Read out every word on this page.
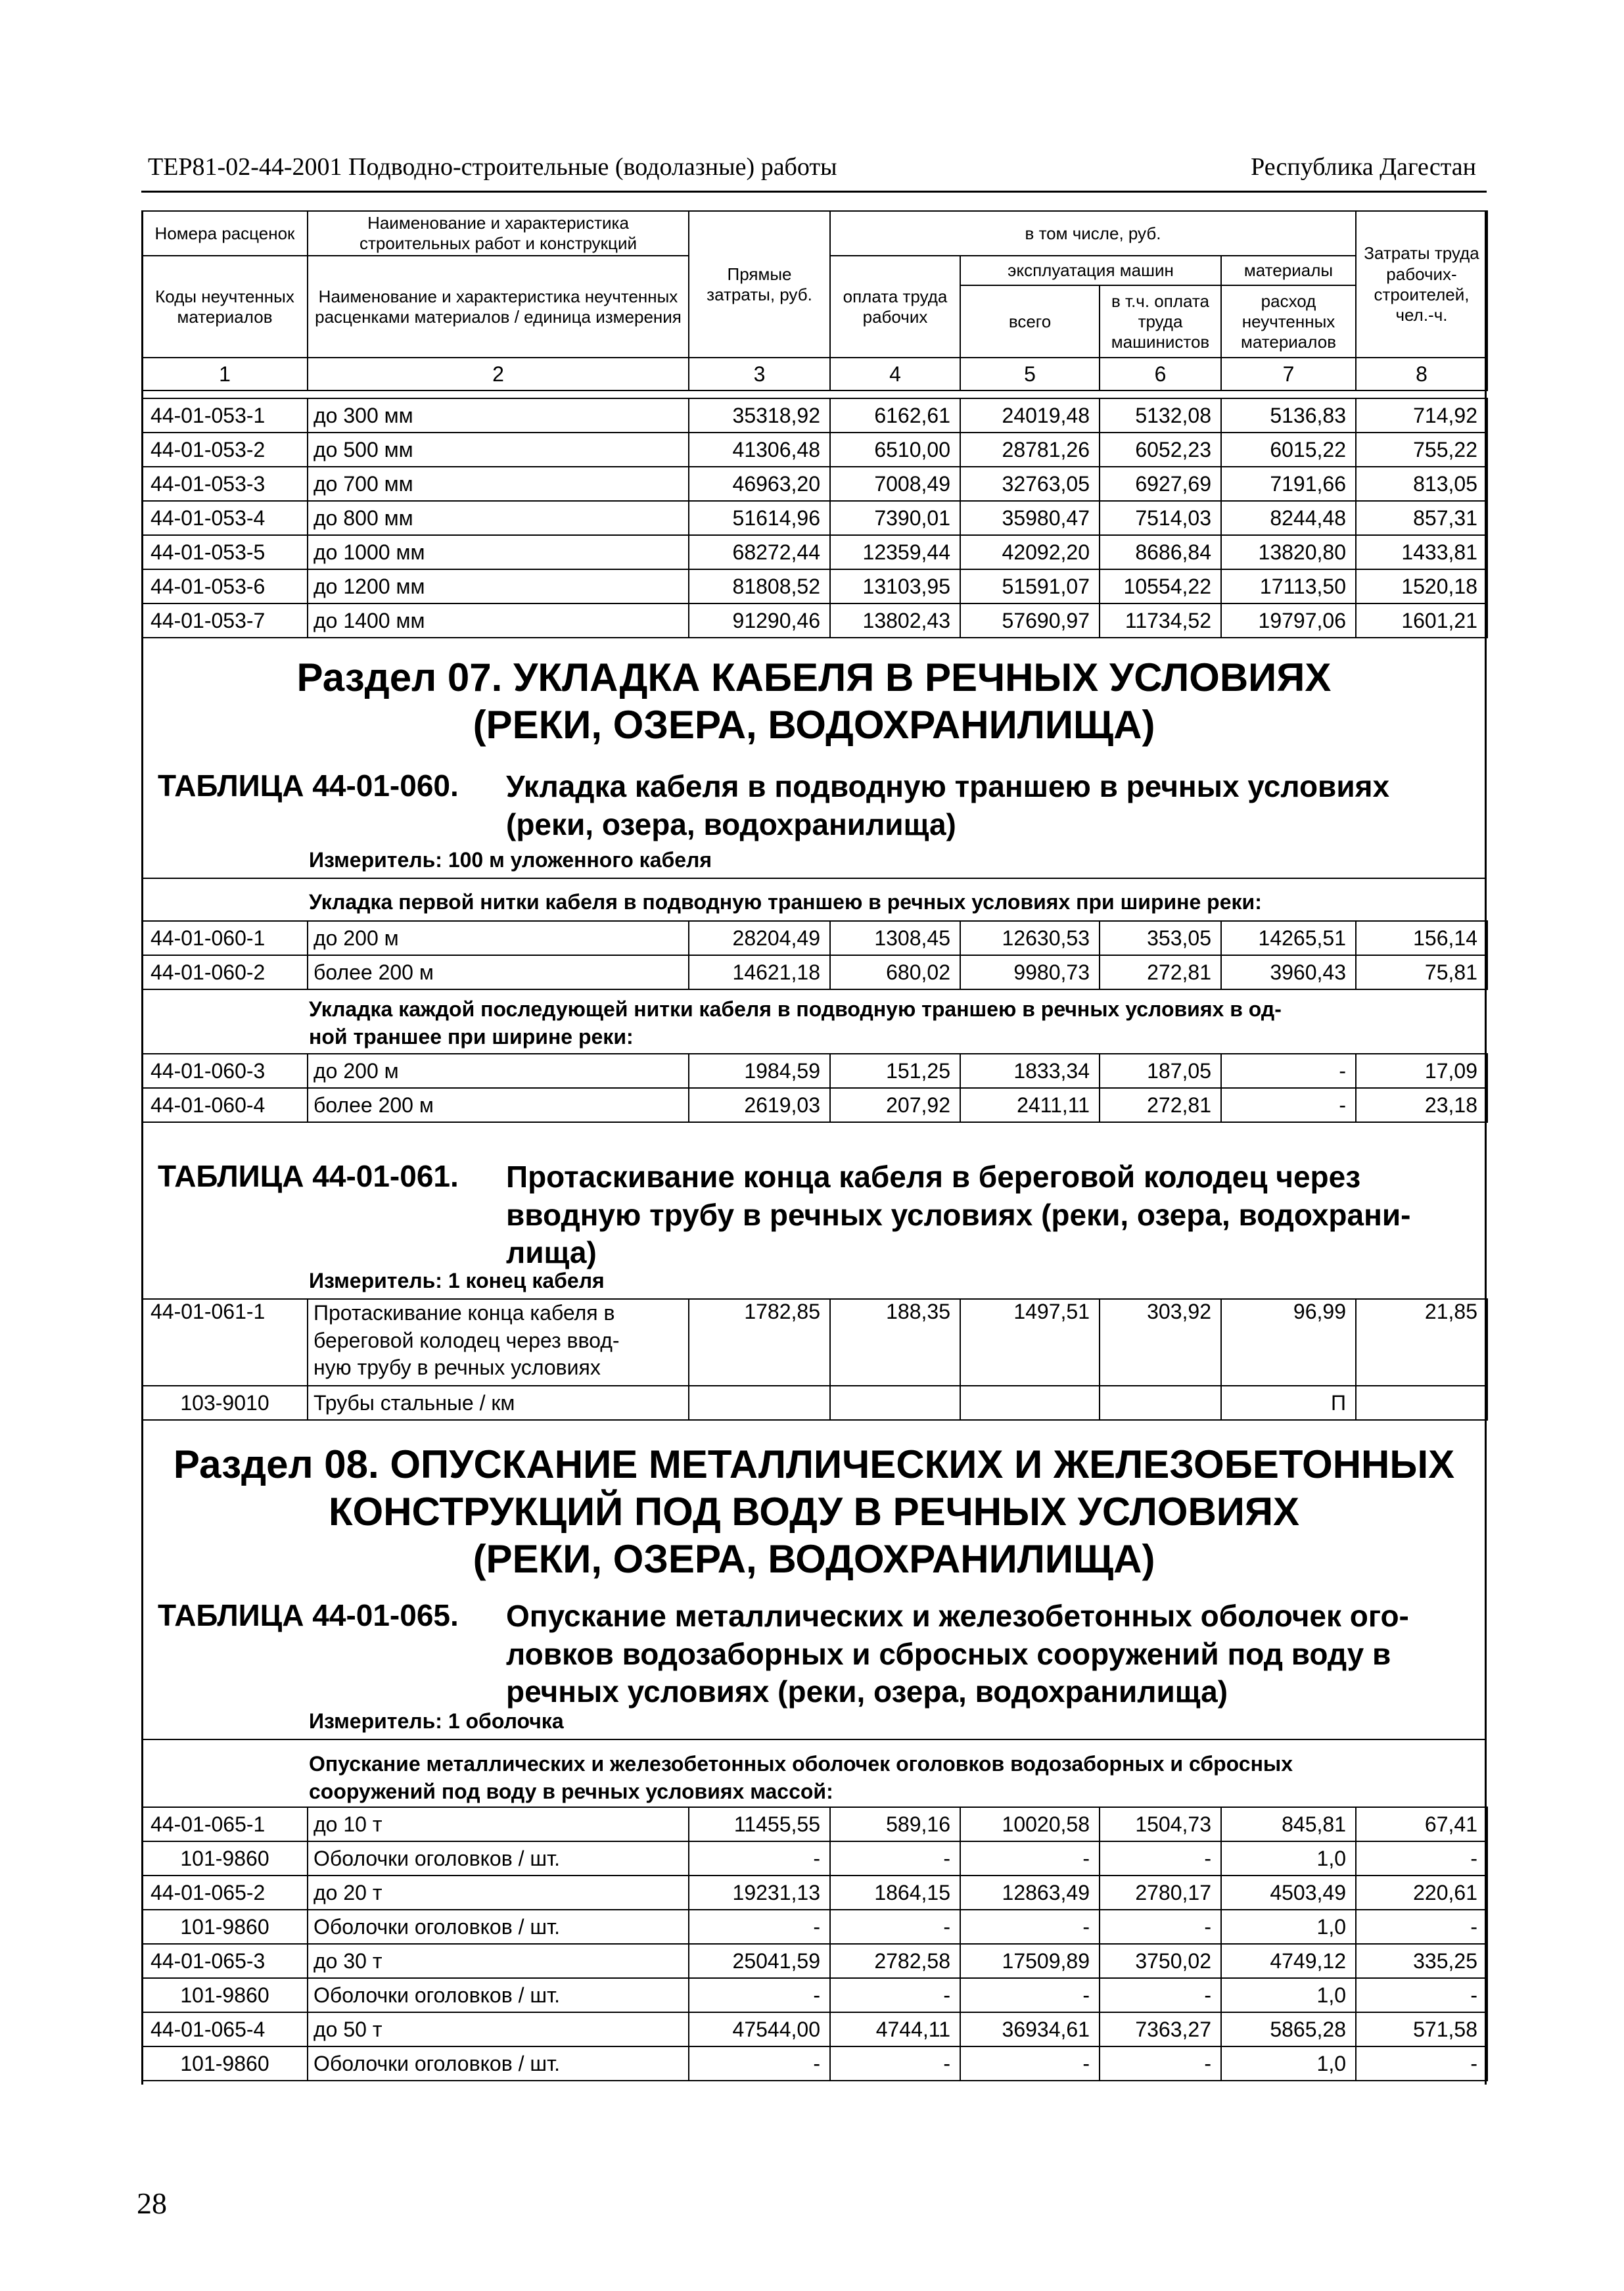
ТЕР81-02-44-2001 Подводно-строительные (водолазные) работы	Республика Дагестан
Номера расценок	Наименование и характеристика строительных работ и конструкций	Прямые затраты, руб.	в том числе, руб.				Затраты труда рабочих-строителей, чел.-ч.
Коды неучтенных материалов	Наименование и характеристика неучтенных расценками материалов / единица измерения		оплата труда рабочих	эксплуатация машин		материалы	
				всего	в т.ч. оплата труда машинистов	расход неучтенных материалов	
1	2	3	4	5	6	7	8
44-01-053-1	до 300 мм	35318,92	6162,61	24019,48	5132,08	5136,83	714,92
44-01-053-2	до 500 мм	41306,48	6510,00	28781,26	6052,23	6015,22	755,22
44-01-053-3	до 700 мм	46963,20	7008,49	32763,05	6927,69	7191,66	813,05
44-01-053-4	до 800 мм	51614,96	7390,01	35980,47	7514,03	8244,48	857,31
44-01-053-5	до 1000 мм	68272,44	12359,44	42092,20	8686,84	13820,80	1433,81
44-01-053-6	до 1200 мм	81808,52	13103,95	51591,07	10554,22	17113,50	1520,18
44-01-053-7	до 1400 мм	91290,46	13802,43	57690,97	11734,52	19797,06	1601,21
Раздел 07. УКЛАДКА КАБЕЛЯ В РЕЧНЫХ УСЛОВИЯХ
(РЕКИ, ОЗЕРА, ВОДОХРАНИЛИЩА)
ТАБЛИЦА 44-01-060. Укладка кабеля в подводную траншею в речных условиях
(реки, озера, водохранилища)
Измеритель: 100 м уложенного кабеля
Укладка первой нитки кабеля в подводную траншею в речных условиях при ширине реки:
44-01-060-1	до 200 м	28204,49	1308,45	12630,53	353,05	14265,51	156,14
44-01-060-2	более 200 м	14621,18	680,02	9980,73	272,81	3960,43	75,81
Укладка каждой последующей нитки кабеля в подводную траншею в речных условиях в од-
ной траншее при ширине реки:
44-01-060-3	до 200 м	1984,59	151,25	1833,34	187,05	-	17,09
44-01-060-4	более 200 м	2619,03	207,92	2411,11	272,81	-	23,18
ТАБЛИЦА 44-01-061. Протаскивание конца кабеля в береговой колодец через
вводную трубу в речных условиях (реки, озера, водохрани-
лища)
Измеритель: 1 конец кабеля
44-01-061-1	Протаскивание конца кабеля в
береговой колодец через ввод-
ную трубу в речных условиях	1782,85	188,35	1497,51	303,92	96,99	21,85
103-9010	Трубы стальные / км					П	
Раздел 08. ОПУСКАНИЕ МЕТАЛЛИЧЕСКИХ И ЖЕЛЕЗОБЕТОННЫХ
КОНСТРУКЦИЙ ПОД ВОДУ В РЕЧНЫХ УСЛОВИЯХ
(РЕКИ, ОЗЕРА, ВОДОХРАНИЛИЩА)
ТАБЛИЦА 44-01-065. Опускание металлических и железобетонных оболочек ого-
ловков водозаборных и сбросных сооружений под воду в
речных условиях (реки, озера, водохранилища)
Измеритель: 1 оболочка
Опускание металлических и железобетонных оболочек оголовков водозаборных и сбросных
сооружений под воду в речных условиях массой:
44-01-065-1	до 10 т	11455,55	589,16	10020,58	1504,73	845,81	67,41
101-9860	Оболочки оголовков / шт.	-	-	-	-	1,0	-
44-01-065-2	до 20 т	19231,13	1864,15	12863,49	2780,17	4503,49	220,61
101-9860	Оболочки оголовков / шт.	-	-	-	-	1,0	-
44-01-065-3	до 30 т	25041,59	2782,58	17509,89	3750,02	4749,12	335,25
101-9860	Оболочки оголовков / шт.	-	-	-	-	1,0	-
44-01-065-4	до 50 т	47544,00	4744,11	36934,61	7363,27	5865,28	571,58
101-9860	Оболочки оголовков / шт.	-	-	-	-	1,0	-
28
